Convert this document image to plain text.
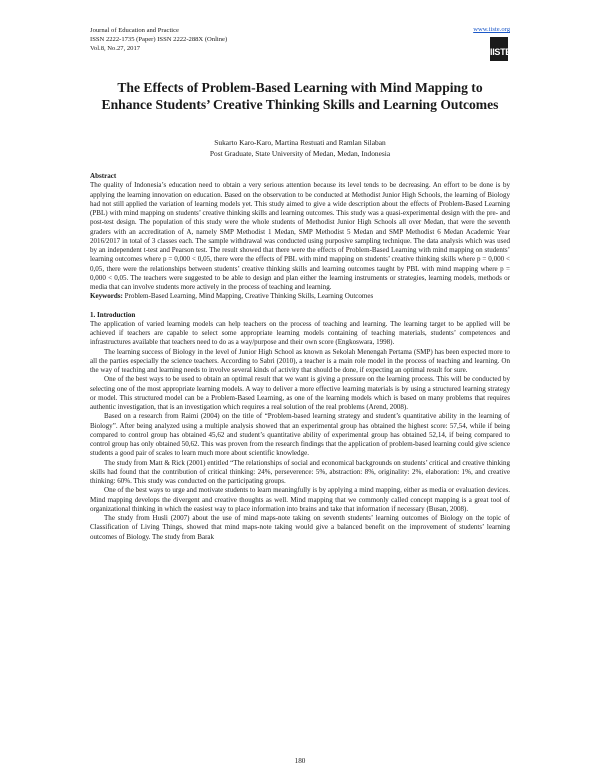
Journal of Education and Practice
ISSN 2222-1735 (Paper) ISSN 2222-288X (Online)
Vol.8, No.27, 2017
www.iiste.org
IISTE
The Effects of Problem-Based Learning with Mind Mapping to Enhance Students’ Creative Thinking Skills and Learning Outcomes
Sukarto Karo-Karo, Martina Restuati and Ramlan Silaban
Post Graduate, State University of Medan, Medan, Indonesia

Abstract

The quality of Indonesia’s education need to obtain a very serious attention because its level tends to be decreasing. An effort to be done is by applying the learning innovation on education. Based on the observation to be conducted at Methodist Junior High Schools, the learning of Biology had not still applied the variation of learning models yet. This study aimed to give a wide description about the effects of Problem-Based Learning (PBL) with mind mapping on students’ creative thinking skills and learning outcomes. This study was a quasi-experimental design with the pre- and post-test design. The population of this study were the whole students of Methodist Junior High Schools all over Medan, that were the seventh graders with an accreditation of A, namely SMP Methodist 1 Medan, SMP Methodist 5 Medan and SMP Methodist 6 Medan Academic Year 2016/2017 in total of 3 classes each. The sample withdrawal was conducted using purposive sampling technique. The data analysis which was used by an independent t-test and Pearson test. The result showed that there were the effects of Problem-Based Learning with mind mapping on students’ learning outcomes where p = 0,000 < 0,05, there were the effects of PBL with mind mapping on students’ creative thinking skills where p = 0,000 < 0,05, there were the relationships between students’ creative thinking skills and learning outcomes taught by PBL with mind mapping where p = 0,000 < 0,05. The teachers were suggested to be able to design and plan either the learning instruments or strategies, learning models, methods or media that can involve students more actively in the process of teaching and learning.

Keywords: Problem-Based Learning, Mind Mapping, Creative Thinking Skills, Learning Outcomes

1. Introduction

The application of varied learning models can help teachers on the process of teaching and learning. The learning target to be applied will be achieved if teachers are capable to select some appropriate learning models containing of teaching materials, students’ competences and infrastructures available that teachers need to do as a way/purpose and their own score (Engkoswara, 1998).

The learning success of Biology in the level of Junior High School as known as Sekolah Menengah Pertama (SMP) has been expected more to all the parties especially the science teachers. According to Sabri (2010), a teacher is a main role model in the process of teaching and learning. On the way of teaching and learning needs to involve several kinds of activity that should be done, if expecting an optimal result for sure.

One of the best ways to be used to obtain an optimal result that we want is giving a pressure on the learning process. This will be conducted by selecting one of the most appropriate learning models. A way to deliver a more effective learning materials is by using a structured learning strategy or model. This structured model can be a Problem-Based Learning, as one of the learning models which is based on many problems that requires authentic investigation, that is an investigation which requires a real solution of the real problems (Arend, 2008).

Based on a research from Raimi (2004) on the title of “Problem-based learning strategy and student’s quantitative ability in the learning of Biology”. After being analyzed using a multiple analysis showed that an experimental group has obtained the highest score: 57,54, while if being compared to control group has obtained 45,62 and student’s quantitative ability of experimental group has obtained 52,14, if being compared to control group has only obtained 50,62. This was proven from the research findings that the application of problem-based learning could give science students a good pair of scales to learn much more about scientific knowledge.

The study from Matt & Rick (2001) entitled “The relationships of social and economical backgrounds on students’ critical and creative thinking skills had found that the contribution of critical thinking: 24%, perseverence: 5%, abstraction: 8%, originality: 2%, elaboration: 1%, and creative thinking: 60%. This study was conducted on the participating groups.

One of the best ways to urge and motivate students to learn meaningfully is by applying a mind mapping, either as media or evaluation devices. Mind mapping develops the divergent and creative thoughts as well. Mind mapping that we commonly called concept mapping is a great tool of organizational thinking in which the easiest way to place information into brains and take that information if necessary (Busan, 2008).

The study from Husli (2007) about the use of mind maps-note taking on seventh students’ learning outcomes of Biology on the topic of Classification of Living Things, showed that mind maps-note taking would give a balanced benefit on the improvement of students’ learning outcomes of Biology. The study from Barak

180
